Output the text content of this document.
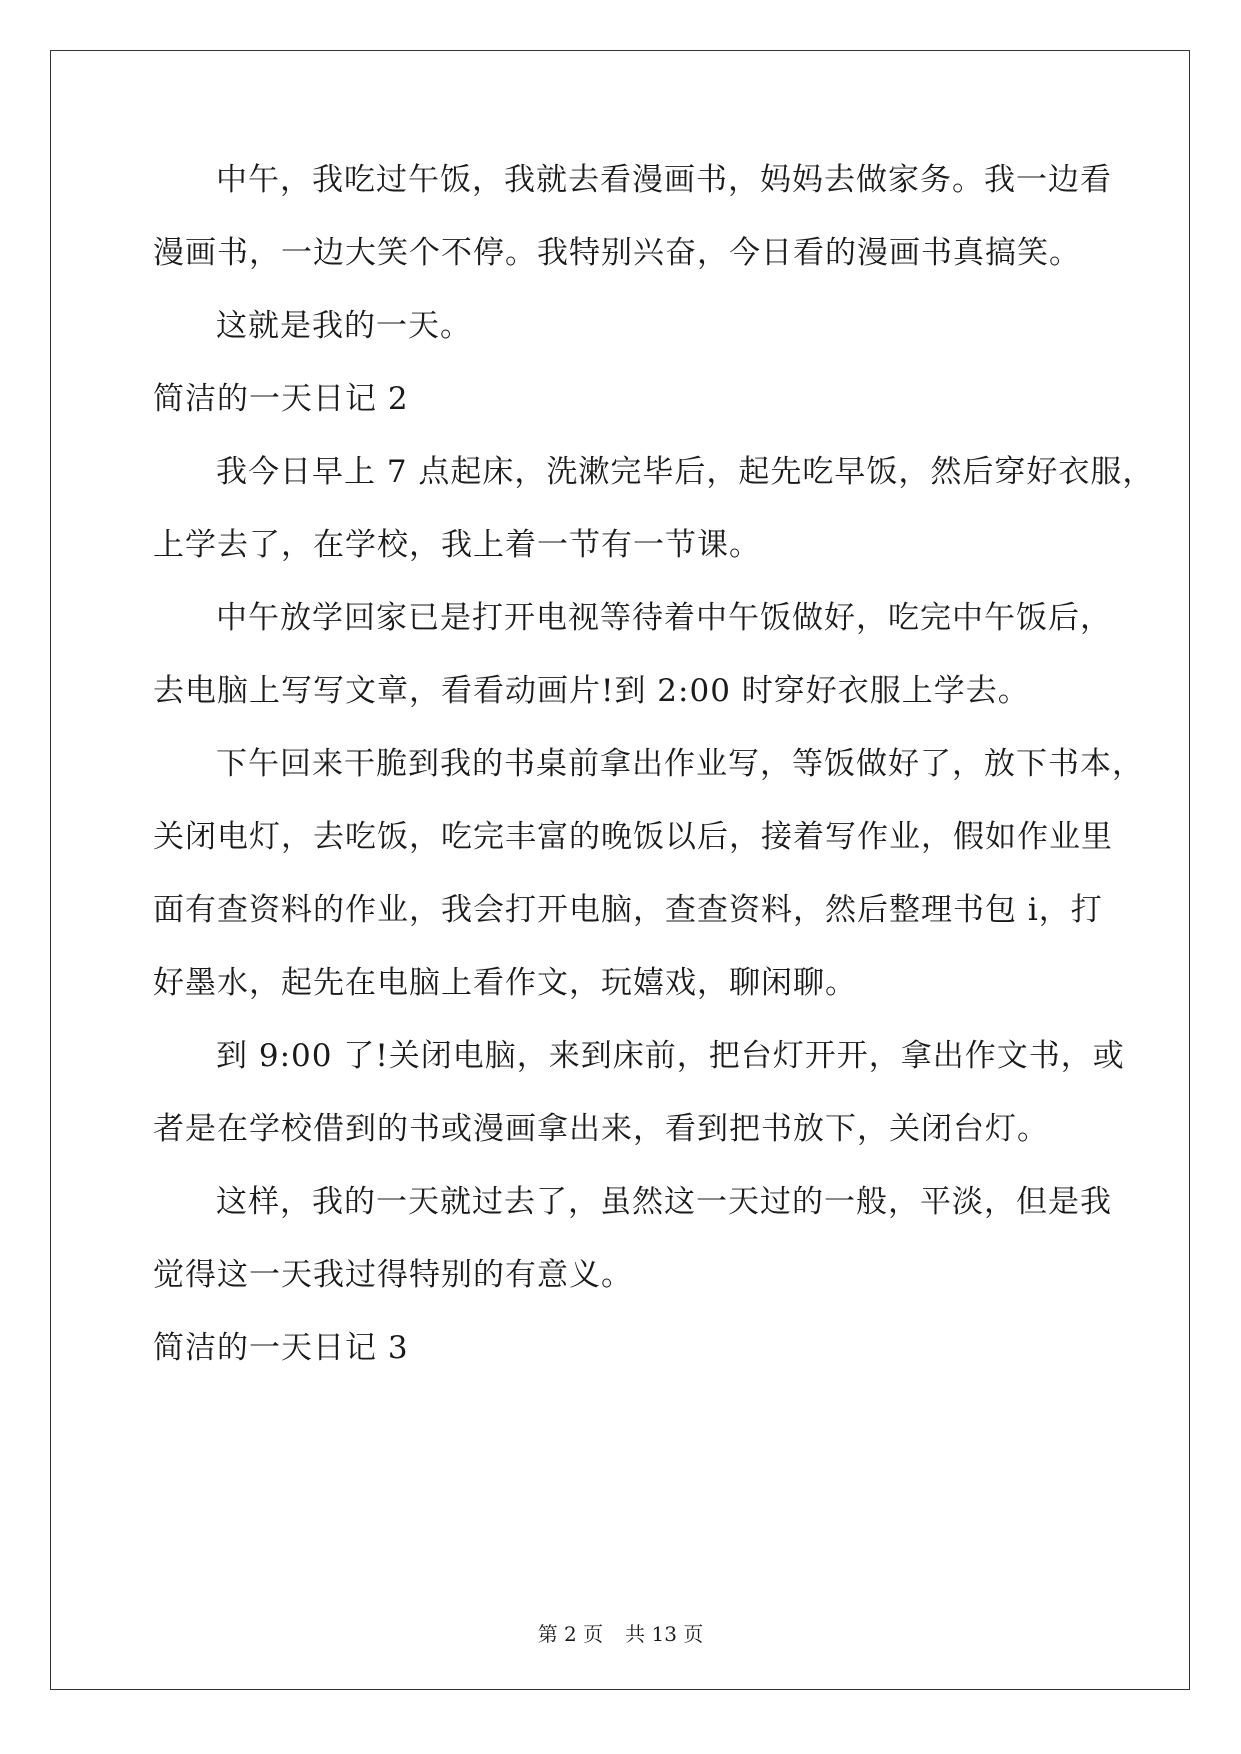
中午，我吃过午饭，我就去看漫画书，妈妈去做家务。我一边看
漫画书，一边大笑个不停。我特别兴奋，今日看的漫画书真搞笑。
这就是我的一天。
简洁的一天日记 2
我今日早上 7 点起床，洗漱完毕后，起先吃早饭，然后穿好衣服，
上学去了，在学校，我上着一节有一节课。
中午放学回家已是打开电视等待着中午饭做好，吃完中午饭后，
去电脑上写写文章，看看动画片!到 2:00 时穿好衣服上学去。
下午回来干脆到我的书桌前拿出作业写，等饭做好了，放下书本，
关闭电灯，去吃饭，吃完丰富的晚饭以后，接着写作业，假如作业里
面有查资料的作业，我会打开电脑，查查资料，然后整理书包 i，打
好墨水，起先在电脑上看作文，玩嬉戏，聊闲聊。
到 9:00 了!关闭电脑，来到床前，把台灯开开，拿出作文书，或
者是在学校借到的书或漫画拿出来，看到把书放下，关闭台灯。
这样，我的一天就过去了，虽然这一天过的一般，平淡，但是我
觉得这一天我过得特别的有意义。
简洁的一天日记 3
第 2 页 共 13 页
